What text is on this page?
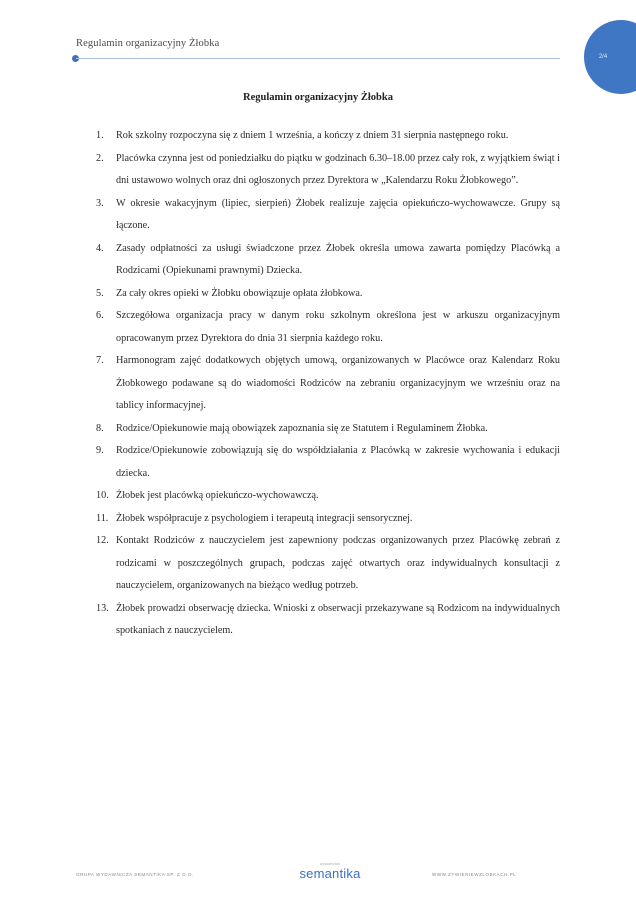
Regulamin organizacyjny Żłobka
2/4
Regulamin organizacyjny Żłobka
1. Rok szkolny rozpoczyna się z dniem 1 września, a kończy z dniem 31 sierpnia następnego roku.
2. Placówka czynna jest od poniedziałku do piątku w godzinach 6.30–18.00 przez cały rok, z wyjątkiem świąt i dni ustawowo wolnych oraz dni ogłoszonych przez Dyrektora w „Kalendarzu Roku Żłobkowego”.
3. W okresie wakacyjnym (lipiec, sierpień) Żłobek realizuje zajęcia opiekuńczo-wychowawcze. Grupy są łączone.
4. Zasady odpłatności za usługi świadczone przez Żłobek określa umowa zawarta pomiędzy Placówką a Rodzicami (Opiekunami prawnymi) Dziecka.
5. Za cały okres opieki w Żłobku obowiązuje opłata żłobkowa.
6. Szczegółowa organizacja pracy w danym roku szkolnym określona jest w arkuszu organizacyjnym opracowanym przez Dyrektora do dnia 31 sierpnia każdego roku.
7. Harmonogram zajęć dodatkowych objętych umową, organizowanych w Placówce oraz Kalendarz Roku Żłobkowego podawane są do wiadomości Rodziców na zebraniu organizacyjnym we wrześniu oraz na tablicy informacyjnej.
8. Rodzice/Opiekunowie mają obowiązek zapoznania się ze Statutem i Regulaminem Żłobka.
9. Rodzice/Opiekunowie zobowiązują się do współdziałania z Placówką w zakresie wychowania i edukacji dziecka.
10. Żłobek jest placówką opiekuńczo-wychowawczą.
11. Żłobek współpracuje z psychologiem i terapeutą integracji sensorycznej.
12. Kontakt Rodziców z nauczycielem jest zapewniony podczas organizowanych przez Placówkę zebrań z rodzicami w poszczególnych grupach, podczas zajęć otwartych oraz indywidualnych konsultacji z nauczycielem, organizowanych na bieżąco według potrzeb.
13. Żłobek prowadzi obserwację dziecka. Wnioski z obserwacji przekazywane są Rodzicom na indywidualnych spotkaniach z nauczycielem.
GRUPA WYDAWNICZA SEMANTIKA SP. Z O.O.
wydawnictwo
semantika	WWW.ZYWIENIEWZLOBKACH.PL
